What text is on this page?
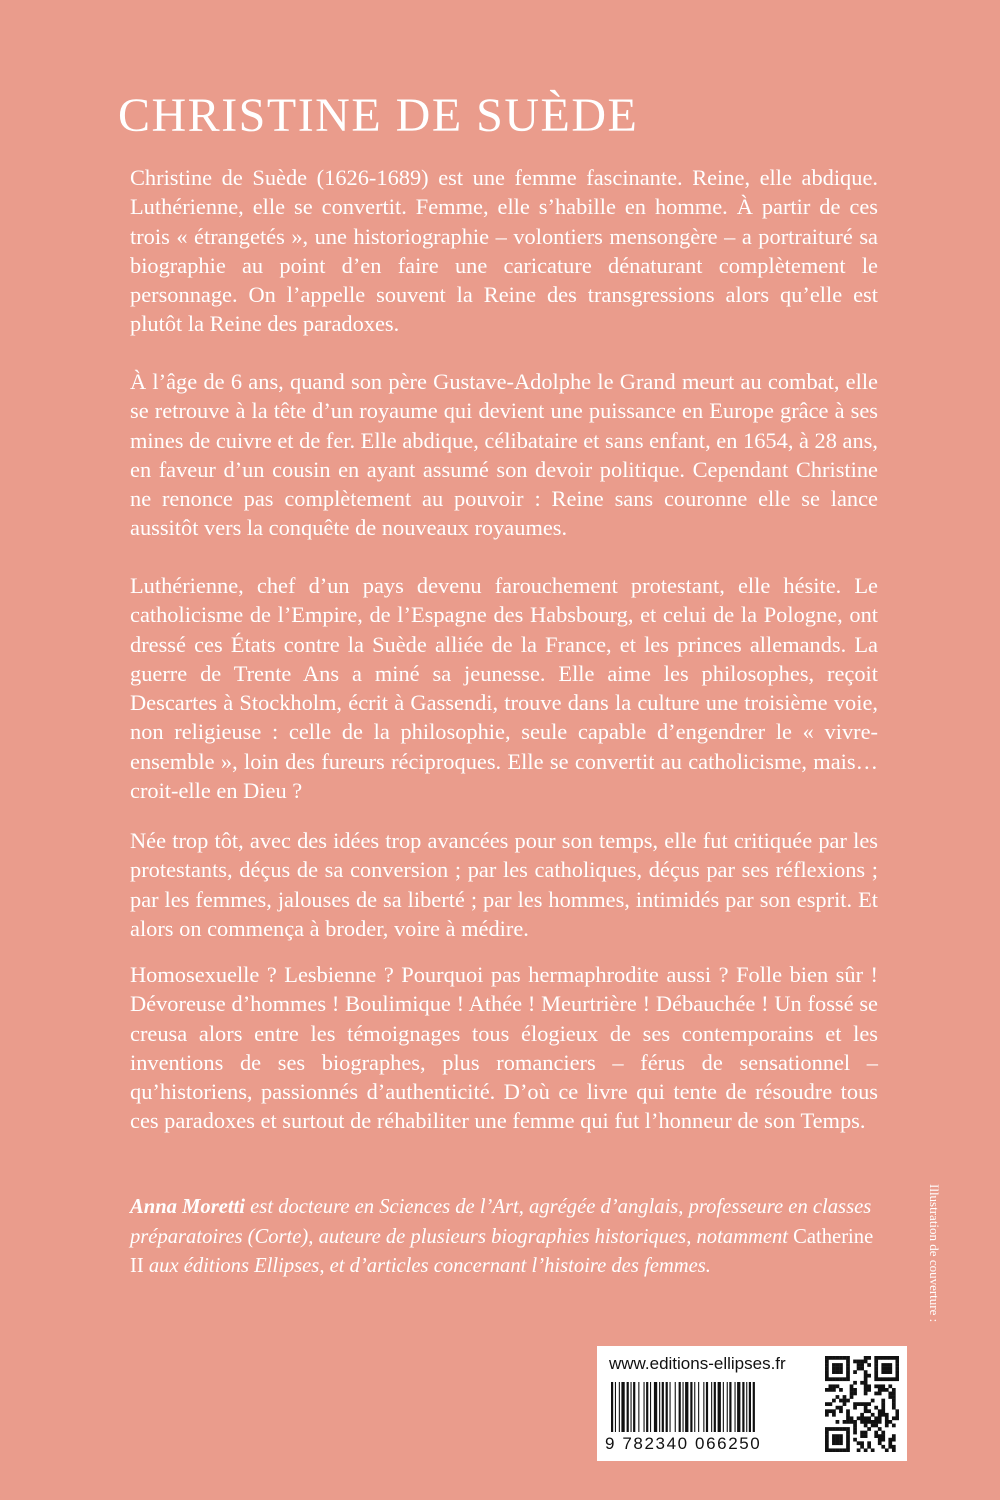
CHRISTINE DE SUÈDE

Christine de Suède (1626-1689) est une femme fascinante. Reine, elle abdique. Luthérienne, elle se convertit. Femme, elle s’habille en homme. À partir de ces trois « étrangetés », une historiographie – volontiers mensongère – a portraituré sa biographie au point d’en faire une caricature dénaturant complètement le personnage. On l’appelle souvent la Reine des transgressions alors qu’elle est plutôt la Reine des paradoxes.

À l’âge de 6 ans, quand son père Gustave-Adolphe le Grand meurt au combat, elle se retrouve à la tête d’un royaume qui devient une puissance en Europe grâce à ses mines de cuivre et de fer. Elle abdique, célibataire et sans enfant, en 1654, à 28 ans, en faveur d’un cousin en ayant assumé son devoir politique. Cependant Christine ne renonce pas complètement au pouvoir : Reine sans couronne elle se lance aussitôt vers la conquête de nouveaux royaumes.

Luthérienne, chef d’un pays devenu farouchement protestant, elle hésite. Le catholicisme de l’Empire, de l’Espagne des Habsbourg, et celui de la Pologne, ont dressé ces États contre la Suède alliée de la France, et les princes allemands. La guerre de Trente Ans a miné sa jeunesse. Elle aime les philosophes, reçoit Descartes à Stockholm, écrit à Gassendi, trouve dans la culture une troisième voie, non religieuse : celle de la philosophie, seule capable d’engendrer le « vivre-ensemble », loin des fureurs réciproques. Elle se convertit au catholicisme, mais… croit-elle en Dieu ?

Née trop tôt, avec des idées trop avancées pour son temps, elle fut critiquée par les protestants, déçus de sa conversion ; par les catholiques, déçus par ses réflexions ; par les femmes, jalouses de sa liberté ; par les hommes, intimidés par son esprit. Et alors on commença à broder, voire à médire.

Homosexuelle ? Lesbienne ? Pourquoi pas hermaphrodite aussi ? Folle bien sûr ! Dévoreuse d’hommes ! Boulimique ! Athée ! Meurtrière ! Débauchée ! Un fossé se creusa alors entre les témoignages tous élogieux de ses contemporains et les inventions de ses biographes, plus romanciers – férus de sensationnel – qu’historiens, passionnés d’authenticité. D’où ce livre qui tente de résoudre tous ces paradoxes et surtout de réhabiliter une femme qui fut l’honneur de son Temps.

Anna Moretti est docteure en Sciences de l’Art, agrégée d’anglais, professeure en classes préparatoires (Corte), auteure de plusieurs biographies historiques, notamment Catherine II aux éditions Ellipses, et d’articles concernant l’histoire des femmes.	Illustration de couverture :
www.editions-ellipses.fr
9 782340 066250
